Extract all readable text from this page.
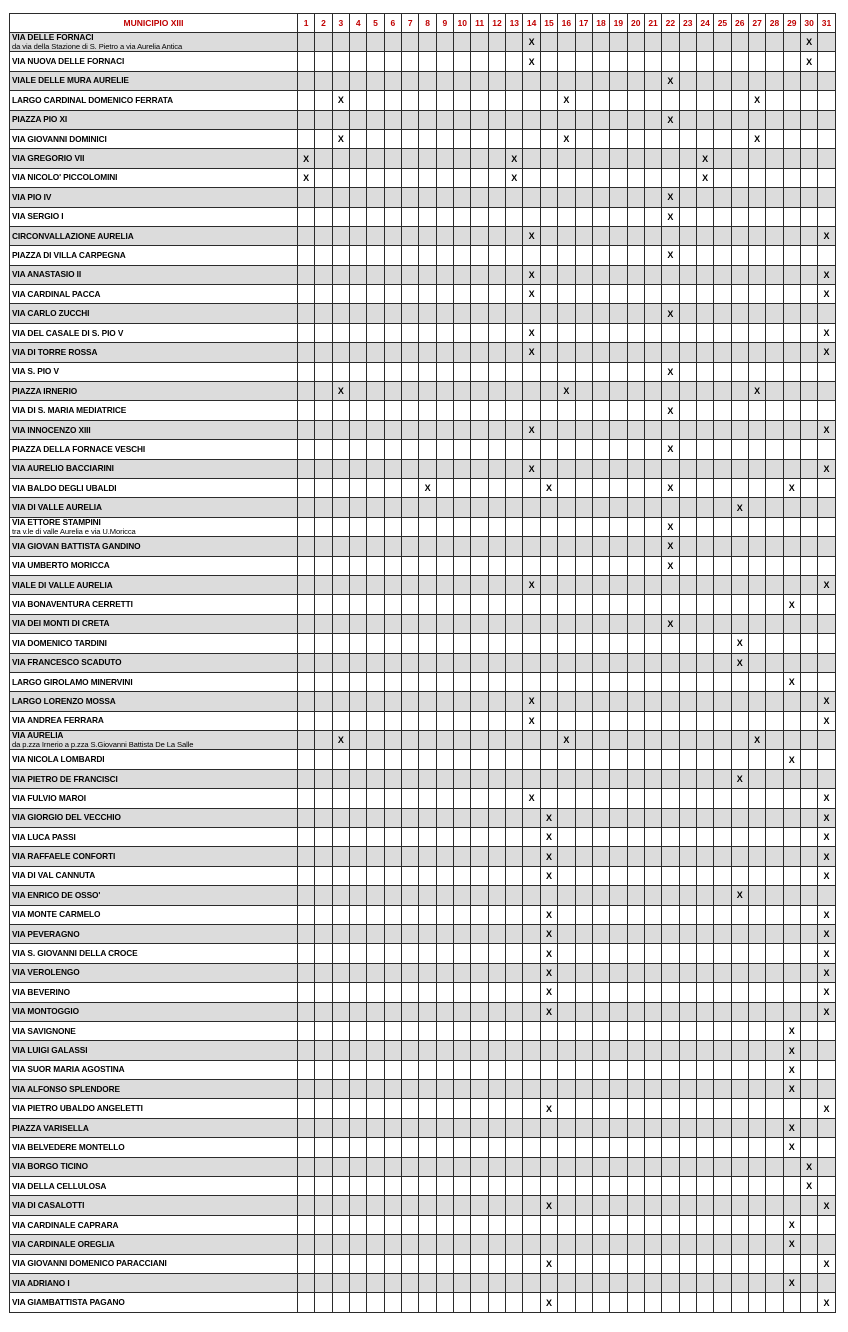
MUNICIPIO XIII	1	2	3	4	5	6	7	8	9	10	11	12	13	14	15	16	17	18	19	20	21	22	23	24	25	26	27	28	29	30	31
VIA DELLE FORNACI
da via della Stazione di S. Pietro a via Aurelia Antica														X																X	
VIA NUOVA DELLE FORNACI														X																X	
VIALE DELLE MURA AURELIE																						X									
LARGO CARDINAL DOMENICO FERRATA			X													X											X				
PIAZZA PIO XI																						X									
VIA GIOVANNI DOMINICI			X													X											X				
VIA GREGORIO VII	X												X											X							
VIA NICOLO' PICCOLOMINI	X												X											X							
VIA PIO IV																						X									
VIA SERGIO I																						X									
CIRCONVALLAZIONE AURELIA														X																	X
PIAZZA DI VILLA CARPEGNA																						X									
VIA ANASTASIO II														X																	X
VIA CARDINAL PACCA														X																	X
VIA CARLO ZUCCHI																						X									
VIA DEL CASALE DI S. PIO V														X																	X
VIA DI TORRE ROSSA														X																	X
VIA S. PIO V																						X									
PIAZZA IRNERIO			X													X											X				
VIA DI S. MARIA MEDIATRICE																						X									
VIA INNOCENZO XIII														X																	X
PIAZZA DELLA FORNACE VESCHI																						X									
VIA AURELIO BACCIARINI														X																	X
VIA BALDO DEGLI UBALDI								X							X							X							X		
VIA DI VALLE AURELIA																										X					
VIA ETTORE STAMPINI
tra v.le di valle Aurelia e via U.Moricca																						X									
VIA GIOVAN BATTISTA GANDINO																						X									
VIA UMBERTO MORICCA																						X									
VIALE DI VALLE AURELIA														X																	X
VIA BONAVENTURA CERRETTI																													X		
VIA DEI MONTI DI CRETA																						X									
VIA DOMENICO TARDINI																										X					
VIA FRANCESCO SCADUTO																										X					
LARGO GIROLAMO MINERVINI																													X		
LARGO LORENZO MOSSA														X																	X
VIA ANDREA FERRARA														X																	X
VIA AURELIA
da p.zza Irnerio a p.zza S.Giovanni Battista De La Salle			X													X											X				
VIA NICOLA LOMBARDI																													X		
VIA PIETRO DE FRANCISCI																										X					
VIA FULVIO MAROI														X																	X
VIA GIORGIO DEL VECCHIO															X																X
VIA LUCA PASSI															X																X
VIA RAFFAELE CONFORTI															X																X
VIA DI VAL CANNUTA															X																X
VIA ENRICO DE OSSO'																										X					
VIA MONTE CARMELO															X																X
VIA PEVERAGNO															X																X
VIA S. GIOVANNI DELLA CROCE															X																X
VIA VEROLENGO															X																X
VIA BEVERINO															X																X
VIA MONTOGGIO															X																X
VIA SAVIGNONE																													X		
VIA LUIGI GALASSI																													X		
VIA SUOR MARIA AGOSTINA																													X		
VIA ALFONSO SPLENDORE																													X		
VIA PIETRO UBALDO ANGELETTI															X																X
PIAZZA VARISELLA																													X		
VIA BELVEDERE MONTELLO																													X		
VIA BORGO TICINO																														X	
VIA DELLA CELLULOSA																														X	
VIA DI CASALOTTI															X																X
VIA CARDINALE CAPRARA																													X		
VIA CARDINALE OREGLIA																													X		
VIA GIOVANNI DOMENICO PARACCIANI															X																X
VIA ADRIANO I																													X		
VIA GIAMBATTISTA PAGANO															X																X
